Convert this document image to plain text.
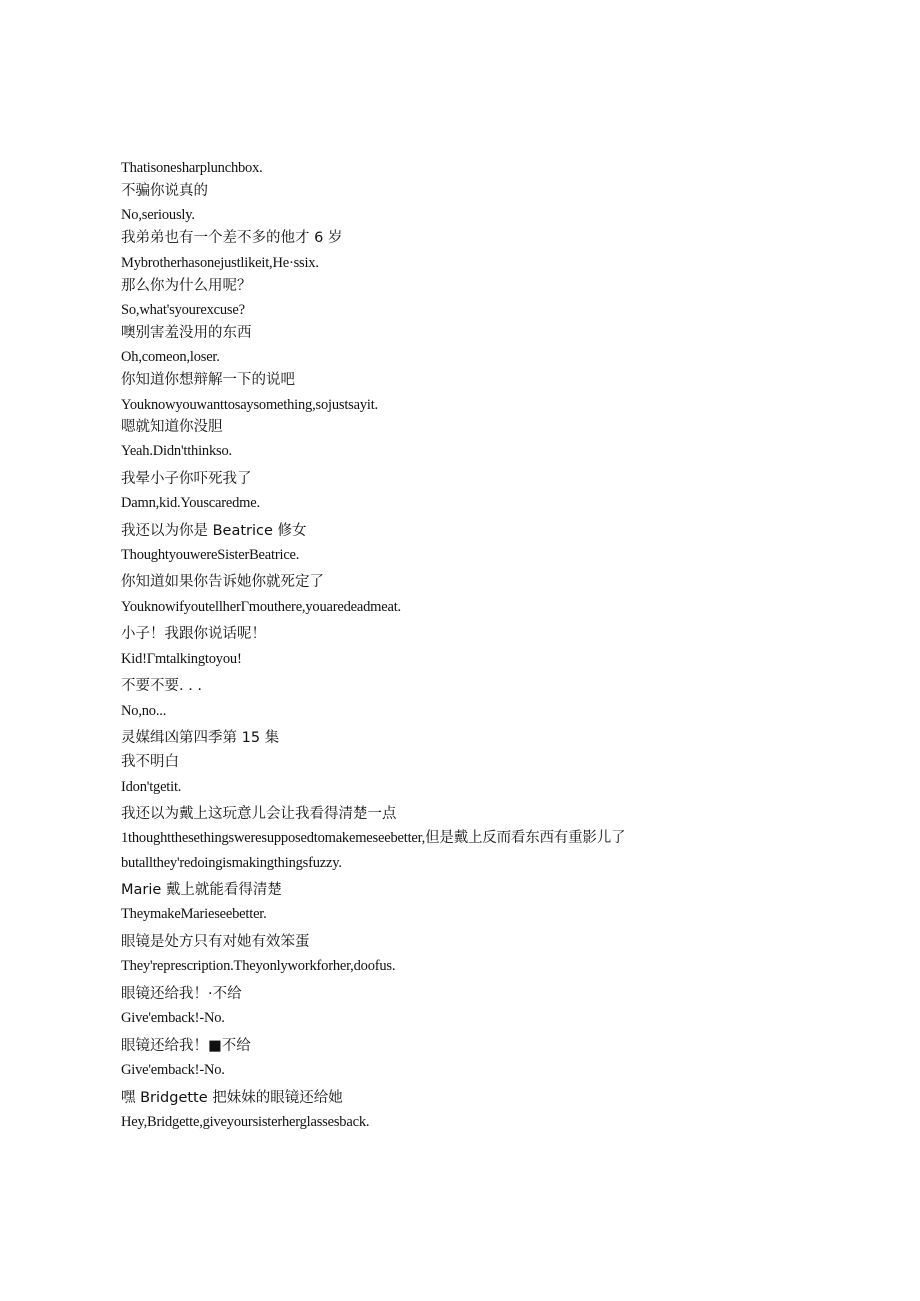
Thatisonesharplunchbox.
不骗你说真的
No,seriously.
我弟弟也有一个差不多的他才 6 岁
Mybrotherhasonejustlikeit,He·ssix.
那么你为什么用呢？
So,what'syourexcuse?
噢别害羞没用的东西
Oh,comeon,loser.
你知道你想辩解一下的说吧
Youknowyouwanttosaysomething,sojustsayit.
嗯就知道你没胆
Yeah.Didn'tthinkso.
我晕小子你吓死我了
Damn,kid.Youscaredme.
我还以为你是 Beatrice 修女
ThoughtyouwereSisterBeatrice.
你知道如果你告诉她你就死定了
YouknowifyoutellherΓmouthere,youaredeadmeat.
小子！我跟你说话呢！
Kid!Γmtalkingtoyou!
不要不要. . .
No,no...
灵媒缉凶第四季第 15 集
我不明白
Idon'tgetit.
我还以为戴上这玩意儿会让我看得清楚一点
1thoughtthesethingsweresupposedtomakemeseebetter,但是戴上反而看东西有重影儿了
butallthey'redoingismakingthingsfuzzy.
Marie 戴上就能看得清楚
TheymakeMarieseebetter.
眼镜是处方只有对她有效笨蛋
They'represcription.Theyonlyworkforher,doofus.
眼镜还给我！·不给
Give'emback!-No.
眼镜还给我！■不给
Give'emback!-No.
嘿 Bridgette 把妹妹的眼镜还给她
Hey,Bridgette,giveyoursisterherglassesback.
